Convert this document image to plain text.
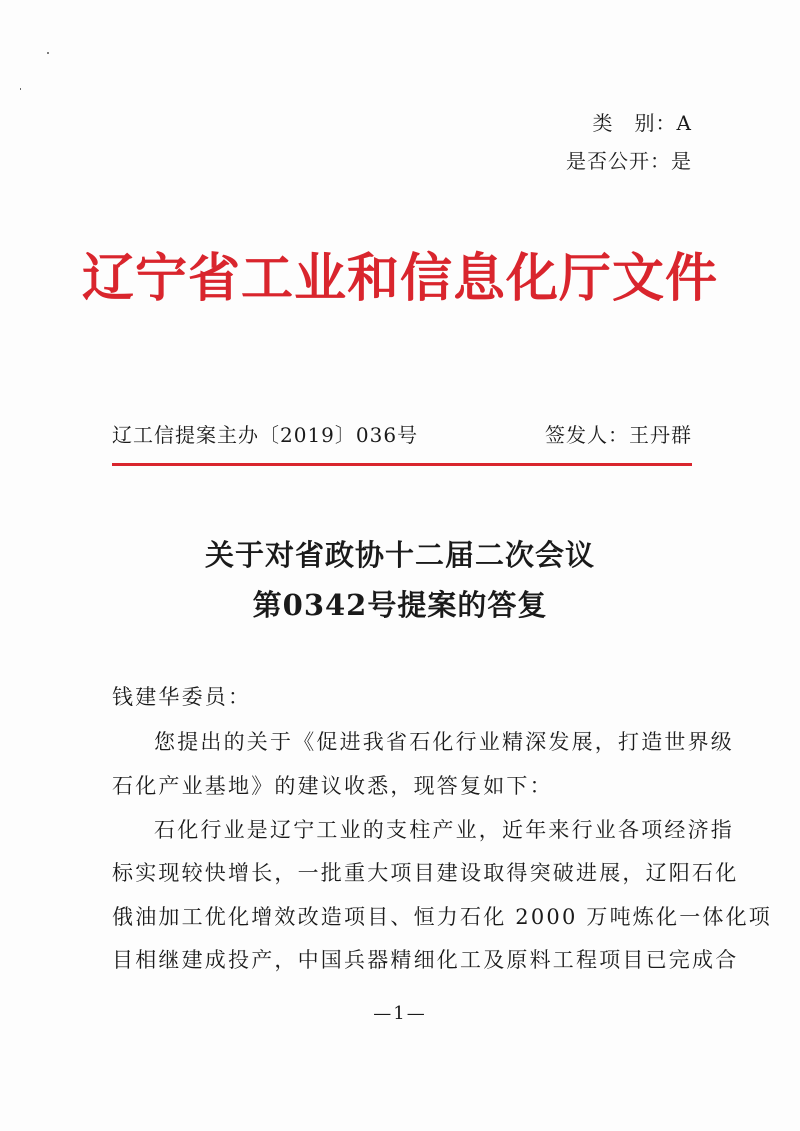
类　别：A
是否公开：是
辽宁省工业和信息化厅文件
辽工信提案主办〔2019〕036号	签发人：王丹群
关于对省政协十二届二次会议
第0342号提案的答复
钱建华委员：
您提出的关于《促进我省石化行业精深发展，打造世界级
石化产业基地》的建议收悉，现答复如下：
石化行业是辽宁工业的支柱产业，近年来行业各项经济指
标实现较快增长，一批重大项目建设取得突破进展，辽阳石化
俄油加工优化增效改造项目、恒力石化 2000 万吨炼化一体化项
目相继建成投产，中国兵器精细化工及原料工程项目已完成合
—1—
